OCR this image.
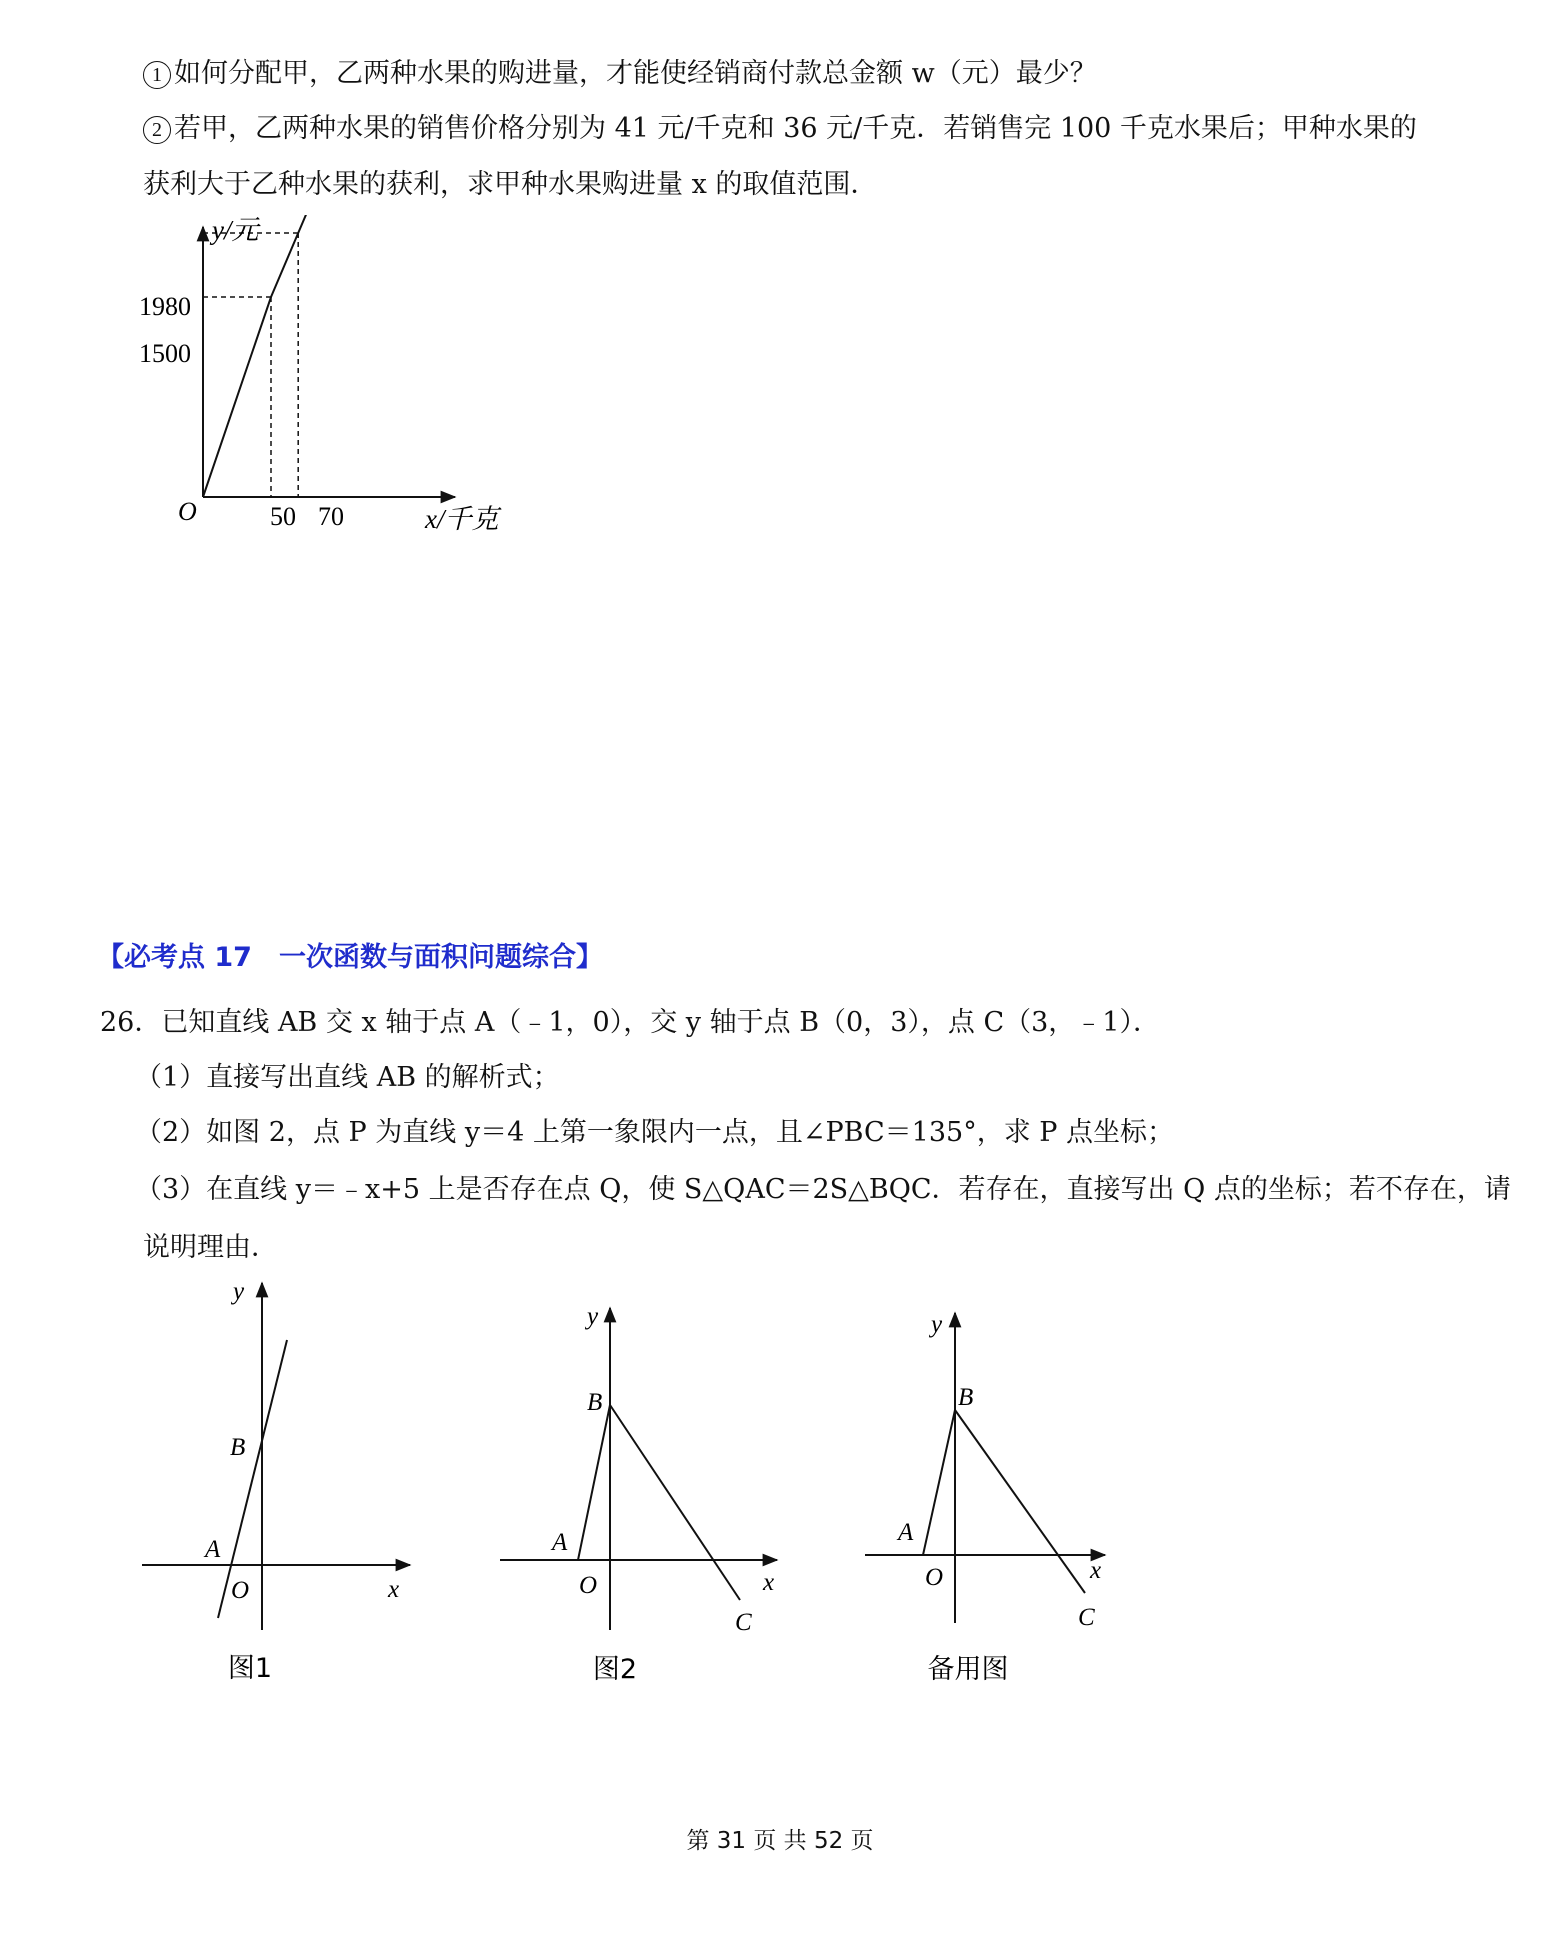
1 如何分配甲，乙两种水果的购进量，才能使经销商付款总金额 w（元）最少？
2 若甲，乙两种水果的销售价格分别为 41 元/千克和 36 元/千克．若销售完 100 千克水果后；甲种水果的
获利大于乙种水果的获利，求甲种水果购进量 x 的取值范围．
y/元
x/千克
O
1980
1500
50 70
【必考点 17　一次函数与面积问题综合】
26．已知直线 AB 交 x 轴于点 A（﹣1，0），交 y 轴于点 B（0，3），点 C（3，﹣1）．
（1）直接写出直线 AB 的解析式；
（2）如图 2，点 P 为直线 y＝4 上第一象限内一点，且∠PBC＝135°，求 P 点坐标；
（3）在直线 y＝﹣x+5 上是否存在点 Q，使 S△QAC＝2S△BQC．若存在，直接写出 Q 点的坐标；若不存在，请
说明理由．
y
x
O
A
B
图1
y
x
O
A
B
C
图2
y
x
O
A
B
C
备用图
第 31 页 共 52 页
